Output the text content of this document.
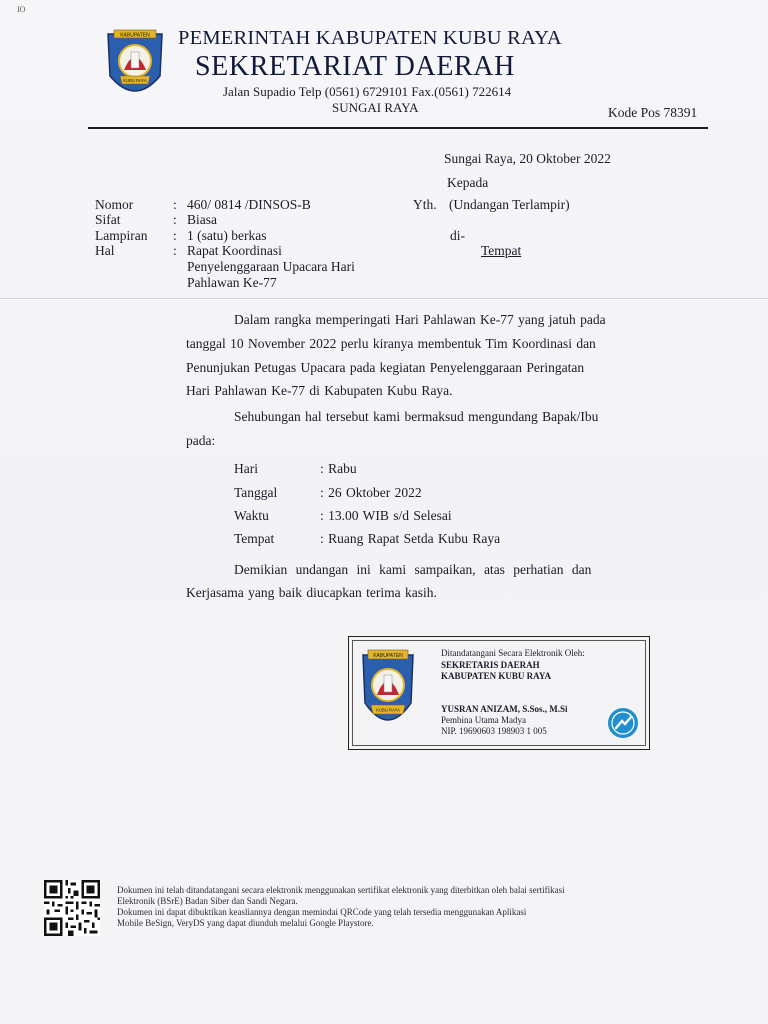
IO
KABUPATEN
KUBU RAYA
PEMERINTAH KABUPATEN KUBU RAYA
SEKRETARIAT DAERAH
Jalan Supadio Telp (0561) 6729101 Fax.(0561) 722614
SUNGAI RAYA	Kode Pos 78391
Sungai Raya, 20 Oktober 2022
Kepada
Yth. (Undangan Terlampir)
di-
Tempat
Nomor	: 460/ 0814 /DINSOS-B
Sifat	: Biasa
Lampiran : 1 (satu) berkas
Hal	: Rapat Koordinasi
Penyelenggaraan Upacara Hari
Pahlawan Ke-77
Dalam rangka memperingati Hari Pahlawan Ke-77 yang jatuh pada
tanggal 10 November 2022 perlu kiranya membentuk Tim Koordinasi dan
Penunjukan Petugas Upacara pada kegiatan Penyelenggaraan Peringatan
Hari Pahlawan Ke-77 di Kabupaten Kubu Raya.
Sehubungan hal tersebut kami bermaksud mengundang Bapak/Ibu
pada:
Hari	: Rabu
Tanggal	: 26 Oktober 2022
Waktu	: 13.00 WIB s/d Selesai
Tempat	: Ruang Rapat Setda Kubu Raya
Demikian undangan ini kami sampaikan, atas perhatian dan
Kerjasama yang baik diucapkan terima kasih.
KABUPATEN
KUBU RAYA
Ditandatangani Secara Elektronik Oleh:
SEKRETARIS DAERAH
KABUPATEN KUBU RAYA
YUSRAN ANIZAM, S.Sos., M.Si
Pembina Utama Madya
NIP. 19690603 198903 1 005
Dokumen ini telah ditandatangani secara elektronik menggunakan sertifikat elektronik yang diterbitkan oleh balai sertifikasi
Elektronik (BSrE) Badan Siber dan Sandi Negara.
Dokumen ini dapat dibuktikan keasliannya dengan memindai QRCode yang telah tersedia menggunakan Aplikasi
Mobile BeSign, VeryDS yang dapat diunduh melalui Google Playstore.
